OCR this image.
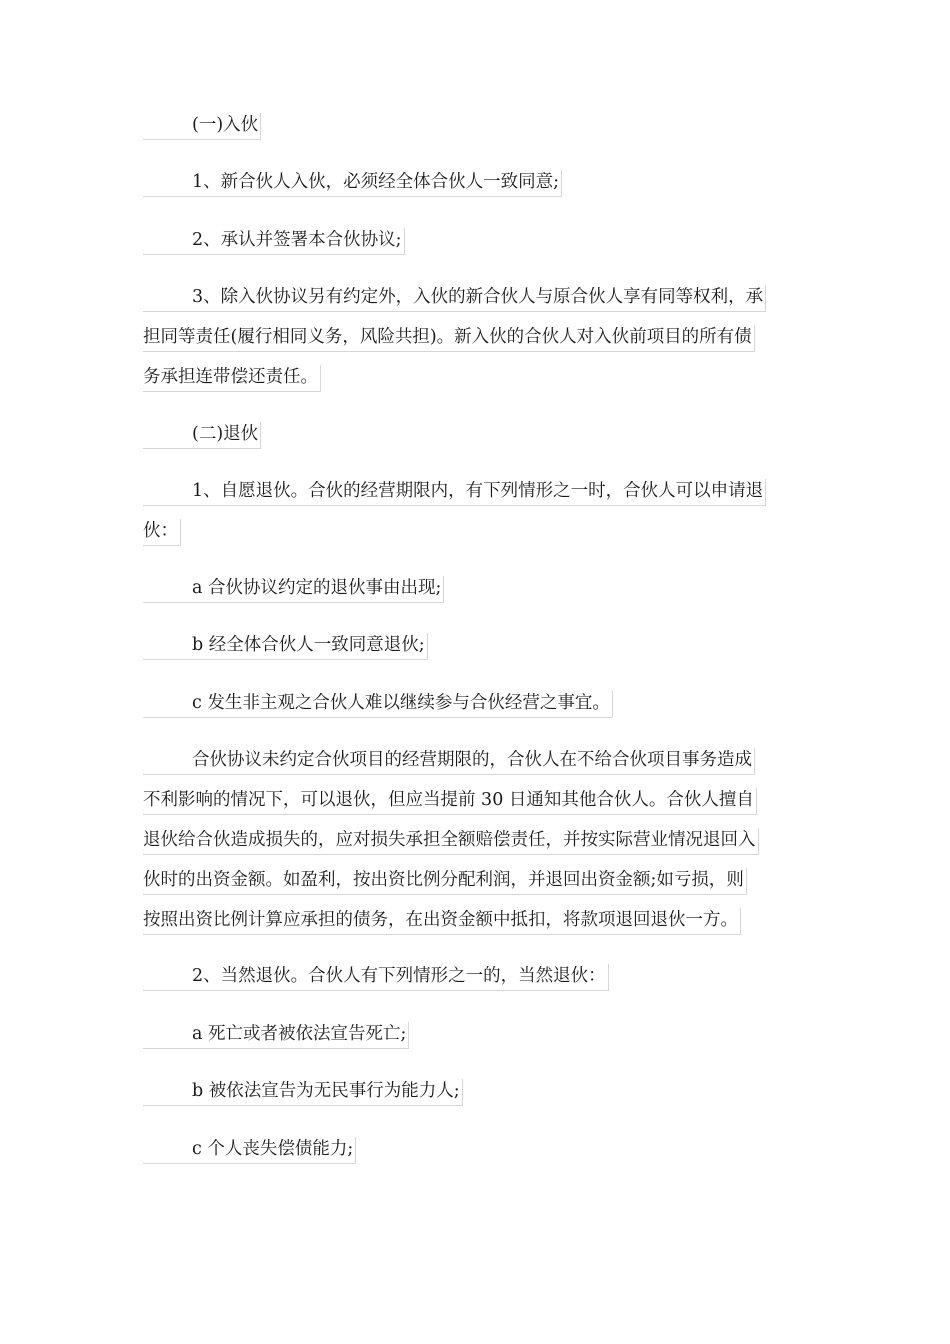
(一)入伙
1、新合伙人入伙，必须经全体合伙人一致同意;
2、承认并签署本合伙协议;
3、除入伙协议另有约定外，入伙的新合伙人与原合伙人享有同等权利，承
担同等责任(履行相同义务，风险共担)。新入伙的合伙人对入伙前项目的所有债
务承担连带偿还责任。
(二)退伙
1、自愿退伙。合伙的经营期限内，有下列情形之一时，合伙人可以申请退
伙：
a 合伙协议约定的退伙事由出现;
b 经全体合伙人一致同意退伙;
c 发生非主观之合伙人难以继续参与合伙经营之事宜。
合伙协议未约定合伙项目的经营期限的，合伙人在不给合伙项目事务造成
不利影响的情况下，可以退伙，但应当提前 30 日通知其他合伙人。合伙人擅自
退伙给合伙造成损失的，应对损失承担全额赔偿责任，并按实际营业情况退回入
伙时的出资金额。如盈利，按出资比例分配利润，并退回出资金额;如亏损，则
按照出资比例计算应承担的债务，在出资金额中抵扣，将款项退回退伙一方。
2、当然退伙。合伙人有下列情形之一的，当然退伙：
a 死亡或者被依法宣告死亡;
b 被依法宣告为无民事行为能力人;
c 个人丧失偿债能力;
